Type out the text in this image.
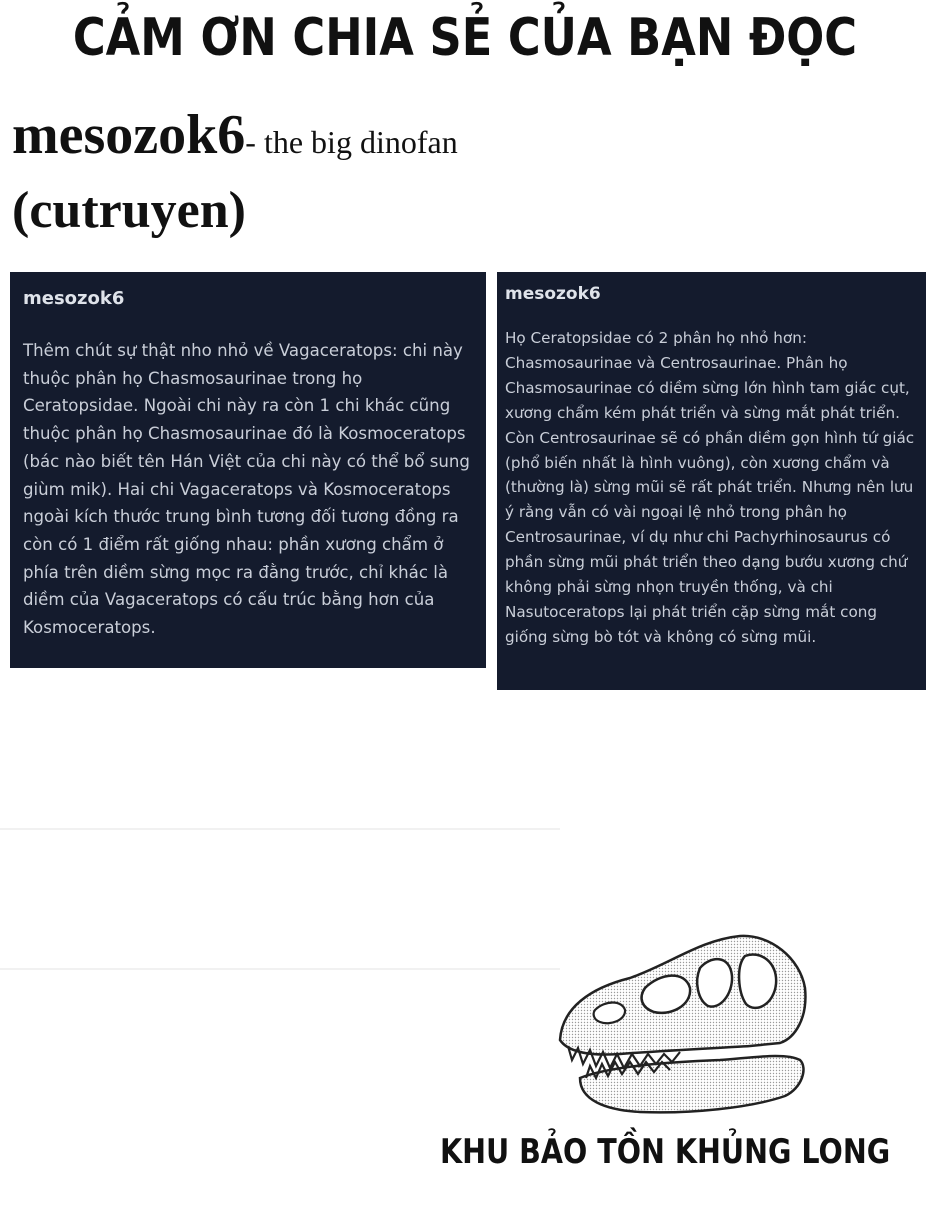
CẢM ƠN CHIA SẺ CỦA BẠN ĐỌC

mesozok6- the big dinofan
(cutruyen)

mesozok6
Thêm chút sự thật nho nhỏ về Vagaceratops: chi này thuộc phân họ Chasmosaurinae trong họ Ceratopsidae. Ngoài chi này ra còn 1 chi khác cũng thuộc phân họ Chasmosaurinae đó là Kosmoceratops (bác nào biết tên Hán Việt của chi này có thể bổ sung giùm mik). Hai chi Vagaceratops và Kosmoceratops ngoài kích thước trung bình tương đối tương đồng ra còn có 1 điểm rất giống nhau: phần xương chẩm ở phía trên diềm sừng mọc ra đằng trước, chỉ khác là diềm của Vagaceratops có cấu trúc bằng hơn của Kosmoceratops.
mesozok6
Họ Ceratopsidae có 2 phân họ nhỏ hơn: Chasmosaurinae và Centrosaurinae. Phân họ Chasmosaurinae có diềm sừng lớn hình tam giác cụt, xương chẩm kém phát triển và sừng mắt phát triển. Còn Centrosaurinae sẽ có phần diềm gọn hình tứ giác (phổ biến nhất là hình vuông), còn xương chẩm và (thường là) sừng mũi sẽ rất phát triển. Nhưng nên lưu ý rằng vẫn có vài ngoại lệ nhỏ trong phân họ Centrosaurinae, ví dụ như chi Pachyrhinosaurus có phần sừng mũi phát triển theo dạng bướu xương chứ không phải sừng nhọn truyền thống, và chi Nasutoceratops lại phát triển cặp sừng mắt cong giống sừng bò tót và không có sừng mũi.

KHU BẢO TỒN KHỦNG LONG
